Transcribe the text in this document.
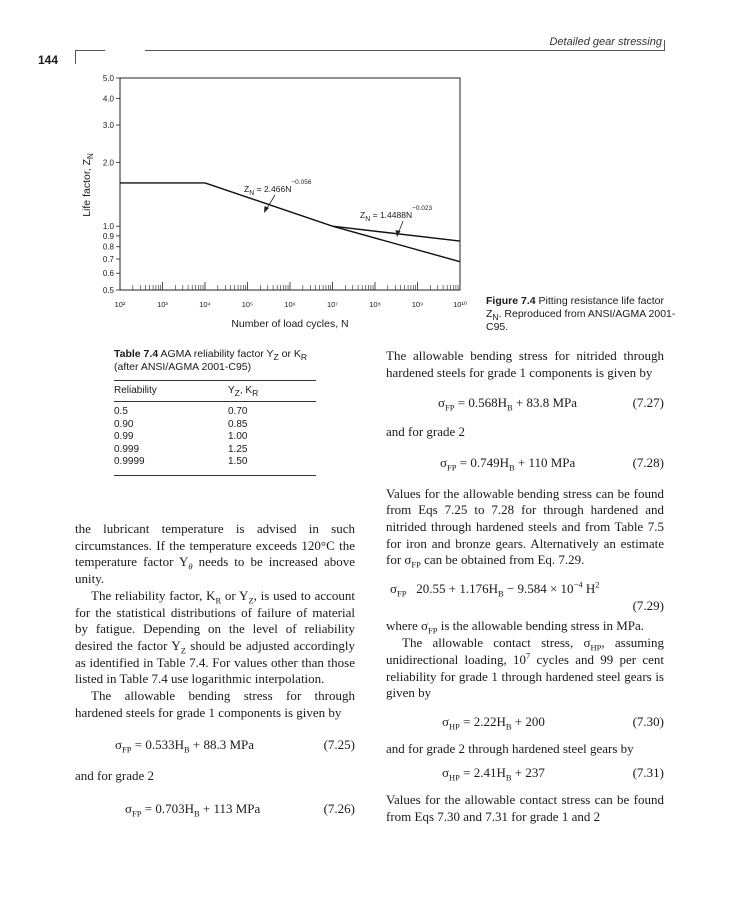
Detailed gear stressing
144
0.5
0.6
0.7
0.8
0.9
1.0
2.0
3.0
4.0
5.0
10²	10³	10⁴	10⁵	10⁶	10⁷	10⁸	10⁹	10¹⁰
Number of load cycles, N
Life factor, $Z_N$
$Z_N = 2.466N^{-0.056}$
$Z_N = 1.4488N^{-0.023}$
Figure 7.4 Pitting resistance life factor $Z_N$. Reproduced from ANSI/AGMA 2001-C95.
Table 7.4 AGMA reliability factor $Y_Z$ or $K_R$ (after ANSI/AGMA 2001-C95)
Reliability	$Y_Z$, $K_R$
0.5	0.70
0.90	0.85
0.99	1.00
0.999	1.25
0.9999	1.50

the lubricant temperature is advised in such circumstances. If the temperature exceeds 120°C the temperature factor $Y_\theta$ needs to be increased above unity.

The reliability factor, $K_R$ or $Y_Z$, is used to account for the statistical distributions of failure of material by fatigue. Depending on the level of reliability desired the factor $Y_Z$ should be adjusted accordingly as identified in Table 7.4. For values other than those listed in Table 7.4 use logarithmic interpolation.

The allowable bending stress for through hardened steels for grade 1 components is given by

$\sigma_{FP} = 0.533H_B + 88.3$ MPa	(7.25)

and for grade 2

$\sigma_{FP} = 0.703H_B + 113$ MPa	(7.26)

The allowable bending stress for nitrided through hardened steels for grade 1 components is given by

$\sigma_{FP} = 0.568H_B + 83.8$ MPa	(7.27)

and for grade 2

$\sigma_{FP} = 0.749H_B + 110$ MPa	(7.28)

Values for the allowable bending stress can be found from Eqs 7.25 to 7.28 for through hardened and nitrided through hardened steels and from Table 7.5 for iron and bronze gears. Alternatively an estimate for $\sigma_{FP}$ can be obtained from Eq. 7.29.

$\sigma_{FP}$ $20.55 + 1.176H_B - 9.584 \times 10^{-4}$ $H^2$
(7.29)

where $\sigma_{FP}$ is the allowable bending stress in MPa.

The allowable contact stress, $\sigma_{HP}$, assuming unidirectional loading, $10^7$ cycles and 99 per cent reliability for grade 1 through hardened steel gears is given by

$\sigma_{HP} = 2.22H_B + 200$	(7.30)

and for grade 2 through hardened steel gears by

$\sigma_{HP} = 2.41H_B + 237$	(7.31)

Values for the allowable contact stress can be found from Eqs 7.30 and 7.31 for grade 1 and 2
